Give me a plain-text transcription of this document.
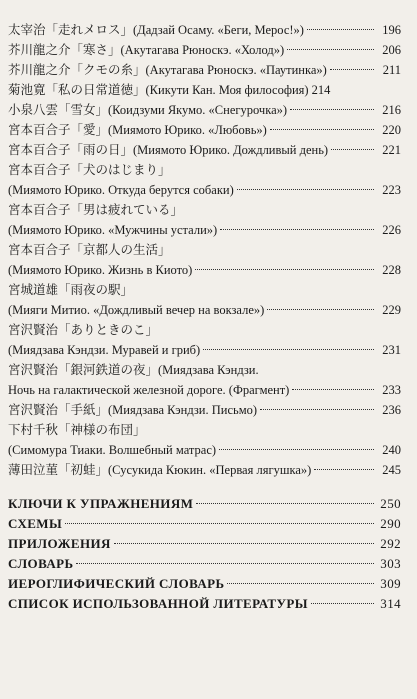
太宰治「走れメロス」(Дадзай Осаму. «Беги, Мерос!»)	196
芥川龍之介「寒さ」(Акутагава Рюноскэ. «Холод»)	206
芥川龍之介「クモの糸」(Акутагава Рюноскэ. «Паутинка»)	211
菊池寛「私の日常道徳」(Кикути Кан. Моя философия) 214
小泉八雲「雪女」(Коидзуми Якумо. «Снегурочка»)	216
宮本百合子「愛」(Миямото Юрико. «Любовь»)	220
宮本百合子「雨の日」(Миямото Юрико. Дождливый день)	221
宮本百合子「犬のはじまり」
(Миямото Юрико. Откуда берутся собаки)	223
宮本百合子「男は疲れている」
(Миямото Юрико. «Мужчины устали»)	226
宮本百合子「京都人の生活」
(Миямото Юрико. Жизнь в Киото)	228
宮城道雄「雨夜の駅」
(Мияги Митио. «Дождливый вечер на вокзале»)	229
宮沢賢治「ありときのこ」
(Миядзава Кэндзи. Муравей и гриб)	231
宮沢賢治「銀河鉄道の夜」(Миядзава Кэндзи.
Ночь на галактической железной дороге. (Фрагмент)	233
宮沢賢治「手紙」(Миядзава Кэндзи. Письмо)	236
下村千秋「神様の布団」
(Симомура Тиаки. Волшебный матрас)	240
薄田泣菫「初蛙」(Сусукида Кюкин. «Первая лягушка»)	245
КЛЮЧИ К УПРАЖНЕНИЯМ	250
СХЕМЫ	290
ПРИЛОЖЕНИЯ	292
СЛОВАРЬ	303
ИЕРОГЛИФИЧЕСКИЙ СЛОВАРЬ	309
СПИСОК ИСПОЛЬЗОВАННОЙ ЛИТЕРАТУРЫ	314
